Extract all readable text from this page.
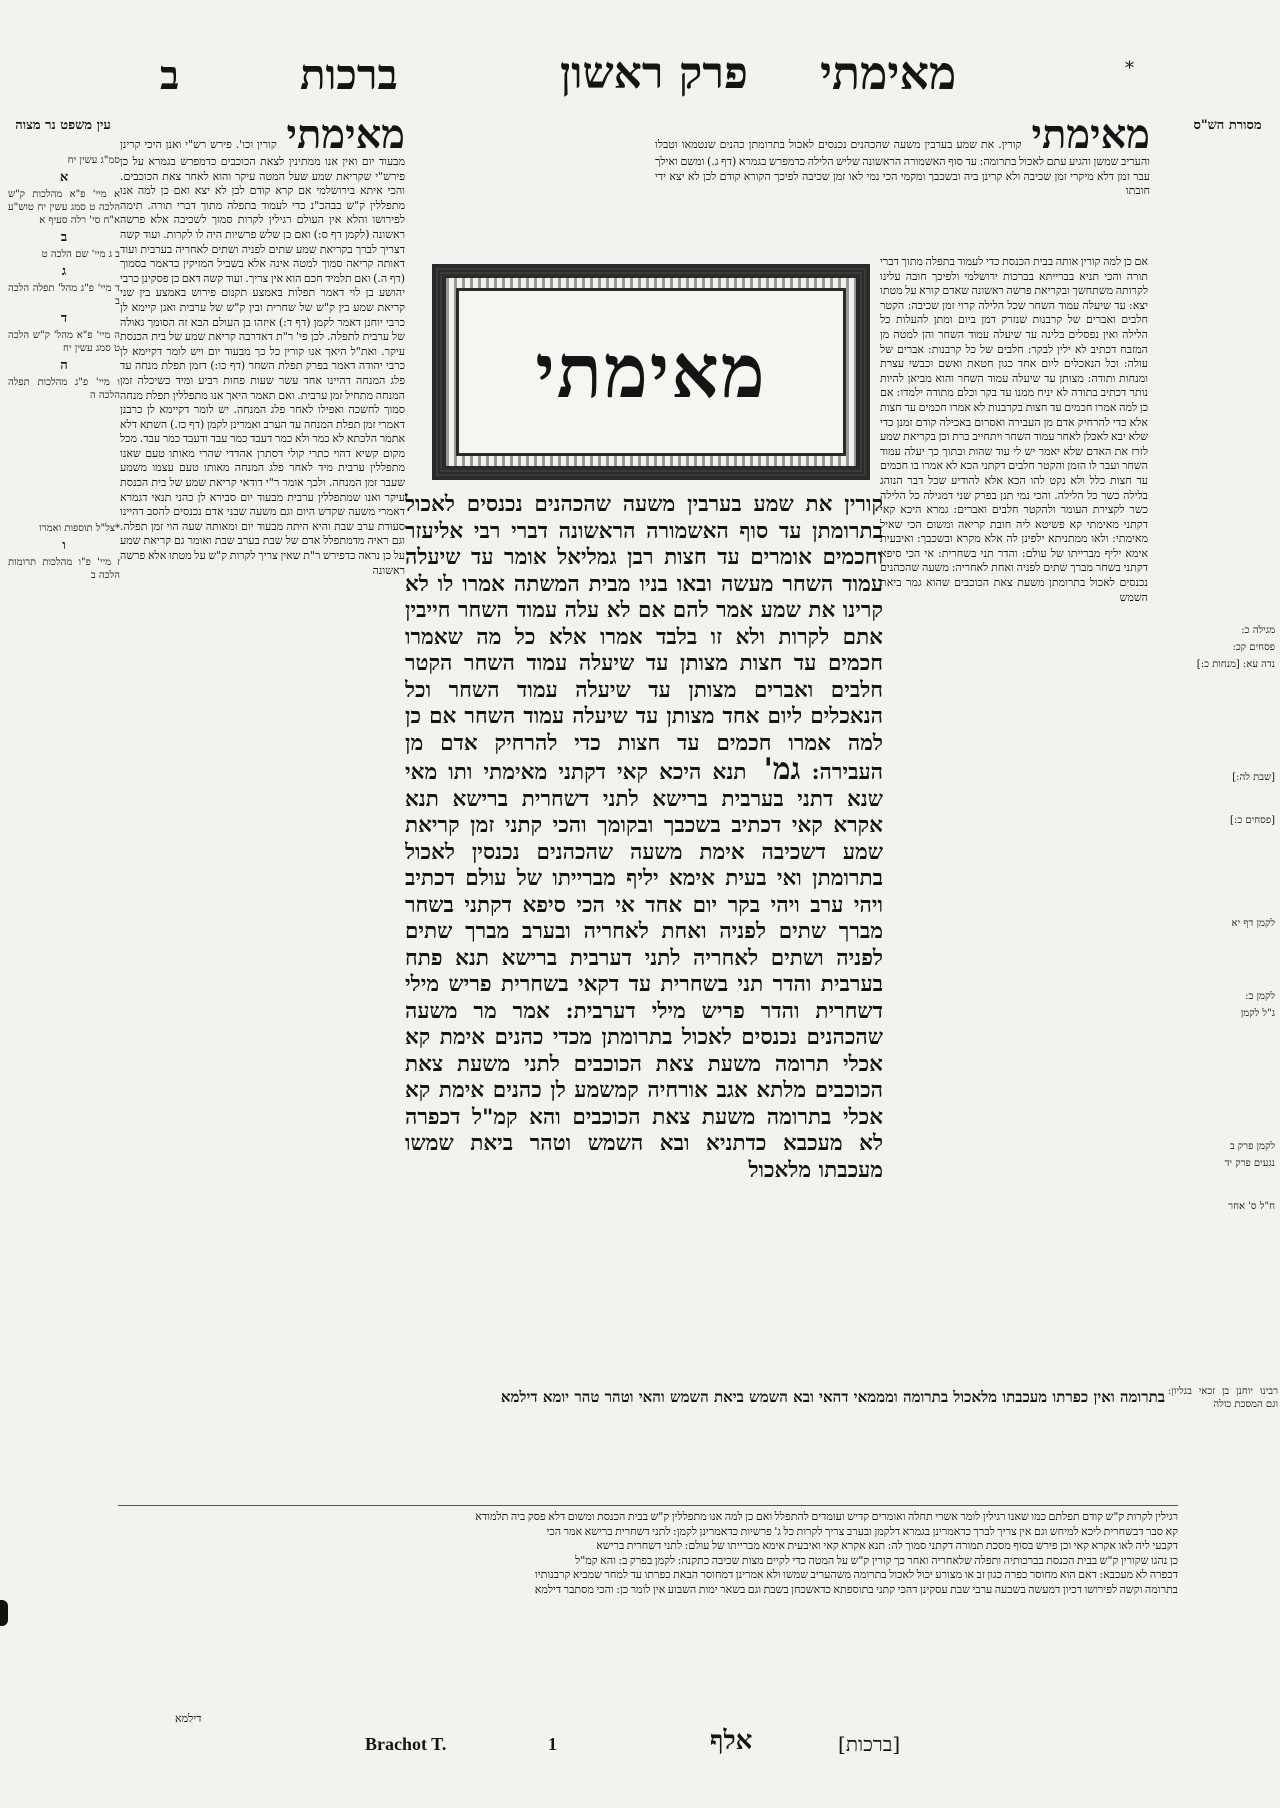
ב	ברכות	פרק ראשון מאימתי	*
מסורת הש"ס
עין משפט נר מצוה
סמ"ג עשין יח
א
א מיי' פ"א מהלכות ק"ש הלכה ט סמג עשין יח טוש"ע א"ח סי' רלה סעיף א
ב
ב ג מיי' שם הלכה ט
ג
ד מיי' פ"ג מהל' תפלה הלכה ב
ד
ה מיי' פ"א מהל' ק"ש הלכה ט סמג עשין יח
ה
ו מיי' פ"ג מהלכות תפלה הלכה ה
*צל"ל תוספות ואמרו
ו
ז מיי' פ"ו מהלכות תרומות הלכה ב
מאימתי קורין וכו'. פירש רש"י ואנן היכי קרינן מבעוד יום ואין אנו ממתינין לצאת הכוכבים כדמפרש בגמרא על כן פירש"י שקריאת שמע שעל המטה עיקר והוא לאחר צאת הכוכבים. והכי איתא בירושלמי אם קרא קודם לכן לא יצא ואם כן למה אנו מתפללין ק"ש בבהכ"נ כדי לעמוד בתפלה מתוך דברי תורה. תימה לפירושו והלא אין העולם רגילין לקרות סמוך לשכיבה אלא פרשה ראשונה (לקמן דף ס:) ואם כן שלש פרשיות היה לו לקרות. ועוד קשה דצריך לברך בקריאת שמע שתים לפניה ושתים לאחריה בערבית ועוד דאותה קריאה סמוך למטה אינה אלא בשביל המזיקין כדאמר בסמוך (דף ה.) ואם תלמיד חכם הוא אין צריך. ועוד קשה דאם כן פסקינן כרבי יהושע בן לוי דאמר תפלות באמצע תקנום פירוש באמצע בין שני קריאת שמע בין ק"ש של שחרית ובין ק"ש של ערבית ואנן קיימא לן כרבי יוחנן דאמר לקמן (דף ד:) איזהו בן העולם הבא זה הסומך גאולה של ערבית לתפלה. לכן פי' ר"ת דאדרבה קריאת שמע של בית הכנסת עיקר. ואת"ל היאך אנו קורין כל כך מבעוד יום ויש לומר דקיימא לן כרבי יהודה דאמר בפרק תפלת השחר (דף כו:) דזמן תפלת מנחה עד פלג המנחה דהיינו אחד עשר שעות פחות רביע ומיד כשיכלה זמן המנחה מתחיל זמן ערבית. ואם תאמר היאך אנו מתפללין תפלת מנחה סמוך לחשכה ואפילו לאחר פלג המנחה. יש לומר דקיימא לן כרבנן דאמרי זמן תפלת המנחה עד הערב ואמרינן לקמן (דף כז.) השתא דלא אתמר הלכתא לא כמר ולא כמר דעבד כמר עבד ודעבד כמר עבד. מכל מקום קשיא דהוי כתרי קולי דסתרן אהדדי שהרי מאותו טעם שאנו מתפללין ערבית מיד לאחר פלג המנחה מאותו טעם עצמו משמע שעבר זמן המנחה. ולכך אומר ר"י דודאי קריאת שמע של בית הכנסת עיקר ואנו שמתפללין ערבית מבעוד יום סבירא לן כהני תנאי דגמרא דאמרי משעה שקדש היום וגם משעה שבני אדם נכנסים להסב דהיינו סעודת ערב שבת והיא היתה מבעוד יום ומאותה שעה הוי זמן תפלה. וגם ראיה מדמתפלל אדם של שבת בערב שבת ואומר גם קריאת שמע על כן נראה כדפירש ר"ת שאין צריך לקרות ק"ש על מטתו אלא פרשה ראשונה
מאימתי קורין. את שמע בערבין משעה שהכהנים נכנסים לאכול בתרומתן כהנים שנטמאו וטבלו והעריב שמשן והגיע עתם לאכול בתרומה: עד סוף האשמורה הראשונה שליש הלילה כדמפרש בגמרא (דף ג.) ומשם ואילך עבר זמן דלא מיקרי זמן שכיבה ולא קרינן ביה ובשכבך ומקמי הכי נמי לאו זמן שכיבה לפיכך הקורא קודם לכן לא יצא ידי חובתו
אם כן למה קורין אותה בבית הכנסת כדי לעמוד בתפלה מתוך דברי תורה והכי תניא בברייתא בברכות ירושלמי ולפיכך חובה עלינו לקרותה משתחשך ובקריאת פרשה ראשונה שאדם קורא על מטתו יצא: עד שיעלה עמוד השחר שכל הלילה קרוי זמן שכיבה: הקטר חלבים ואברים של קרבנות שנזרק דמן ביום ומתן להעלות כל הלילה ואין נפסלים בלינה עד שיעלה עמוד השחר והן למטה מן המזבח דכתיב לא ילין לבקר: חלבים של כל קרבנות: אברים של עולה: וכל הנאכלים ליום אחד כגון חטאת ואשם וכבשי עצרת ומנחות ותודה: מצותן עד שיעלה עמוד השחר והוא מביאן להיות נותר דכתיב בתודה לא יניח ממנו עד בקר וכלם מתודה ילמדו: אם כן למה אמרו חכמים עד חצות בקרבנות לא אמרו חכמים עד חצות אלא כדי להרחיק אדם מן העבירה ואסרום באכילה קודם זמנן כדי שלא יבא לאכלן לאחר עמוד השחר ויתחייב כרת וכן בקריאת שמע לזרז את האדם שלא יאמר יש לי עוד שהות ובתוך כך יעלה עמוד השחר ועבר לו הזמן והקטר חלבים דקתני הכא לא אמרו בו חכמים עד חצות כלל ולא נקט להו הכא אלא להודיע שכל דבר הנוהג בלילה כשר כל הלילה. והכי נמי תנן בפרק שני דמגילה כל הלילה כשר לקצירת העומר ולהקטר חלבים ואברים: גמרא היכא קאי דקתני מאימתי קא פשיטא ליה חובת קריאה ומשום הכי שאיל מאימתי: ולאו ממתניתא ילפינן לה אלא מקרא ובשכבך: ואיבעית אימא יליף מברייתו של עולם: והדר תני בשחרית: אי הכי סיפא דקתני בשחר מברך שתים לפניה ואחת לאחריה: משעה שהכהנים נכנסים לאכול בתרומתן משעת צאת הכוכבים שהוא גמר ביאת השמש
מגילה כ:
פסחים קכ:
נדה עא: [מנחות כ:]
[שבת לה:]
[פסחים כ:]
לקמן דף יא
לקמן ב:
ג"ל לקמן
לקמן פרק ב
נגעים פרק יד
ח"ל ס' אחר
מאימתי
קורין את שמע בערבין משעה שהכהנים נכנסים לאכול בתרומתן עד סוף האשמורה הראשונה דברי רבי אליעזר וחכמים אומרים עד חצות רבן גמליאל אומר עד שיעלה עמוד השחר מעשה ובאו בניו מבית המשתה אמרו לו לא קרינו את שמע אמר להם אם לא עלה עמוד השחר חייבין אתם לקרות ולא זו בלבד אמרו אלא כל מה שאמרו חכמים עד חצות מצותן עד שיעלה עמוד השחר הקטר חלבים ואברים מצותן עד שיעלה עמוד השחר וכל הנאכלים ליום אחד מצותן עד שיעלה עמוד השחר אם כן למה אמרו חכמים עד חצות כדי להרחיק אדם מן העבירה: גמ' תנא היכא קאי דקתני מאימתי ותו מאי שנא דתני בערבית ברישא לתני דשחרית ברישא תנא אקרא קאי דכתיב בשכבך ובקומך והכי קתני זמן קריאת שמע דשכיבה אימת משעה שהכהנים נכנסין לאכול בתרומתן ואי בעית אימא יליף מברייתו של עולם דכתיב ויהי ערב ויהי בקר יום אחד אי הכי סיפא דקתני בשחר מברך שתים לפניה ואחת לאחריה ובערב מברך שתים לפניה ושתים לאחריה לתני דערבית ברישא תנא פתח בערבית והדר תני בשחרית עד דקאי בשחרית פריש מילי דשחרית והדר פריש מילי דערבית: אמר מר משעה שהכהנים נכנסים לאכול בתרומתן מכדי כהנים אימת קא אכלי תרומה משעת צאת הכוכבים לתני משעת צאת הכוכבים מלתא אגב אורחיה קמשמע לן כהנים אימת קא אכלי בתרומה משעת צאת הכוכבים והא קמ"ל דכפרה לא מעכבא כדתניא ובא השמש וטהר ביאת שמשו מעכבתו מלאכול
בתרומה ואין כפרתו מעכבתו מלאכול בתרומה ומממאי דהאי ובא השמש ביאת השמש והאי וטהר טהר יומא דילמא רבינו יוחנן בן זכאי בגליון: וגם המסכת כולה
רגילין לקרות ק"ש קודם תפלתם כמו שאנו רגילין לומר אשרי תחלה ואומרים קדיש ועומדים להתפלל ואם כן למה אנו מתפללין ק"ש בבית הכנסת ומשום דלא פסק ביה תלמודא
קא סבר דבשחרית ליכא למיחש וגם אין צריך לברך כדאמרינן בגמרא דלקמן ובערב צריך לקרות כל ג' פרשיות כדאמרינן לקמן: לתני דשחרית ברישא אמר הכי
דקבעי ליה לאו אקרא קאי וכן פירש בסוף מסכת תמורה דקתני סמוך לה: תנא אקרא קאי ואיבעית אימא מברייתו של עולם: לתני דשחרית ברישא
כן נהגו שקורין ק"ש בבית הכנסת בברכותיה ותפלה שלאחריה ואחר כך קורין ק"ש על המטה כדי לקיים מצות שכיבה כתקנה: לקמן בפרק ב: והא קמ"ל
דכפרה לא מעכבא: דאם הוא מחוסר כפרה כגון זב או מצורע יכול לאכול בתרומה משהעריב שמשו ולא אמרינן דמחוסר הבאת כפרתו עד למחר שמביא קרבנותיו
בתרומה וקשה לפירושו דכיון דמעשה בשבעה ערבי שבת עסקינן דהכי קתני בתוספתא כדאשכחן בשבת וגם בשאר ימות השבוע אין לומר כן: והכי מסתבר דילמא
דילמא
Brachot T.	1	אלף	[ברכות]
